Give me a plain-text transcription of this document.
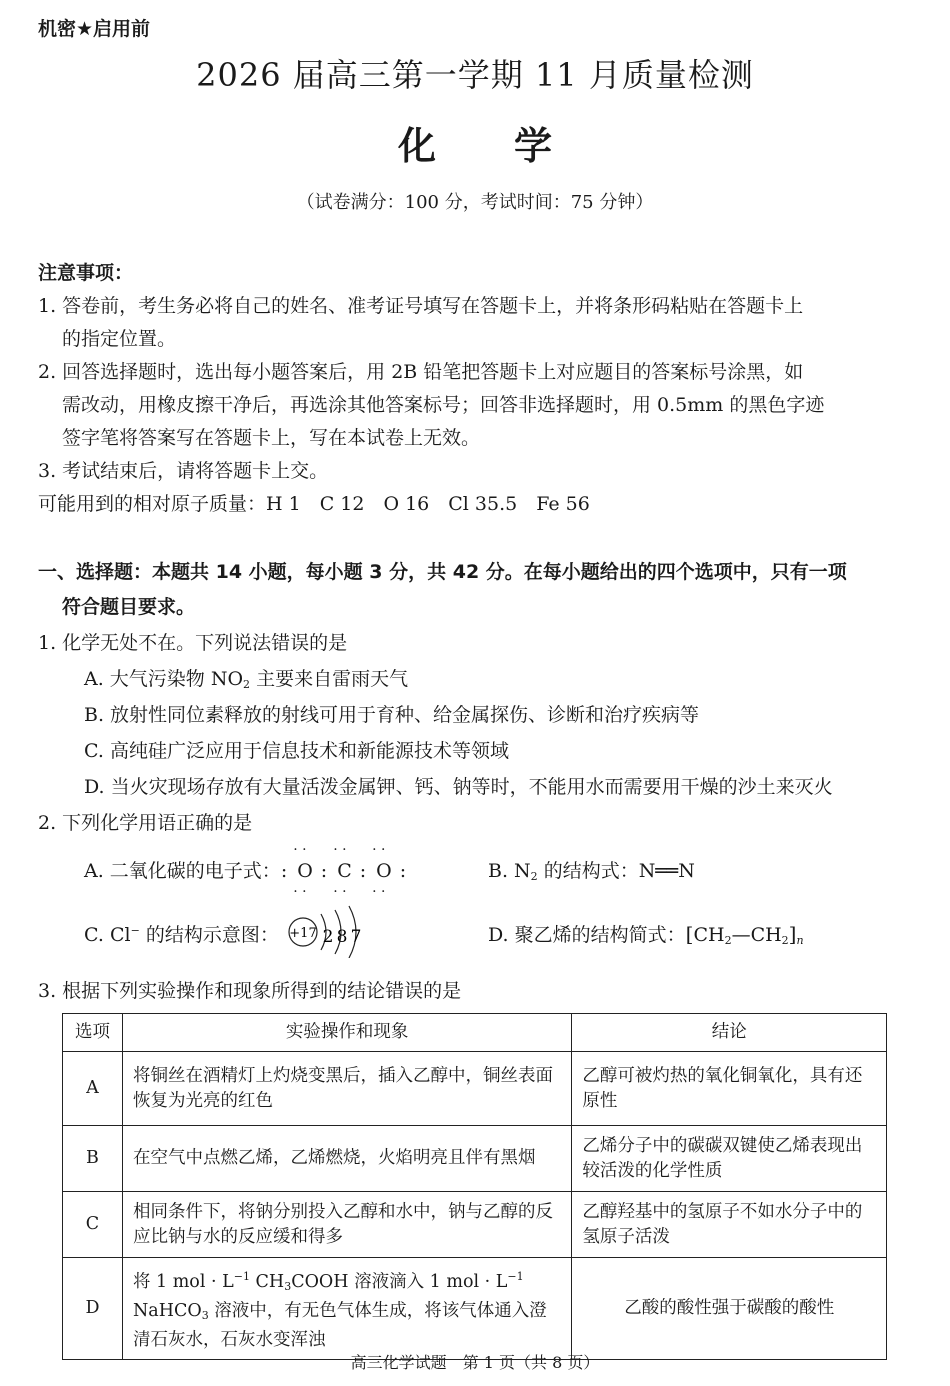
机密★启用前
2026 届高三第一学期 11 月质量检测
化 学
（试卷满分：100 分，考试时间：75 分钟）
注意事项：
1. 答卷前，考生务必将自己的姓名、准考证号填写在答题卡上，并将条形码粘贴在答题卡上
的指定位置。
2. 回答选择题时，选出每小题答案后，用 2B 铅笔把答题卡上对应题目的答案标号涂黑，如
需改动，用橡皮擦干净后，再选涂其他答案标号；回答非选择题时，用 0.5mm 的黑色字迹
签字笔将答案写在答题卡上，写在本试卷上无效。
3. 考试结束后，请将答题卡上交。
可能用到的相对原子质量：H 1　C 12　O 16　Cl 35.5　Fe 56
一、选择题：本题共 14 小题，每小题 3 分，共 42 分。在每小题给出的四个选项中，只有一项
符合题目要求。
1. 化学无处不在。下列说法错误的是
A. 大气污染物 $NO_2$ 主要来自雷雨天气
B. 放射性同位素释放的射线可用于育种、给金属探伤、诊断和治疗疾病等
C. 高纯硅广泛应用于信息技术和新能源技术等领域
D. 当火灾现场存放有大量活泼金属钾、钙、钠等时，不能用水而需要用干燥的沙土来灭火
2. 下列化学用语正确的是
A. 二氧化碳的电子式：: · · O · · : · · C · · : · · O · · :	B. $N_2$ 的结构式：N══N
C. Cl− 的结构示意图： +17 2 8 7	D. 聚乙烯的结构简式：$[CH_2—CH_2]_n$
3. 根据下列实验操作和现象所得到的结论错误的是
选项	实验操作和现象	结论
A	将铜丝在酒精灯上灼烧变黑后，插入乙醇中，铜丝表面恢复为光亮的红色	乙醇可被灼热的氧化铜氧化，具有还原性
B	在空气中点燃乙烯，乙烯燃烧，火焰明亮且伴有黑烟	乙烯分子中的碳碳双键使乙烯表现出较活泼的化学性质
C	相同条件下，将钠分别投入乙醇和水中，钠与乙醇的反应比钠与水的反应缓和得多	乙醇羟基中的氢原子不如水分子中的氢原子活泼
D	将 1 mol · $L^{-1}$ $CH_3COOH$ 溶液滴入 1 mol · $L^{-1}$ NaHCO$_3$ 溶液中，有无色气体生成，将该气体通入澄清石灰水，石灰水变浑浊	乙酸的酸性强于碳酸的酸性
高三化学试题　第 1 页（共 8 页）
